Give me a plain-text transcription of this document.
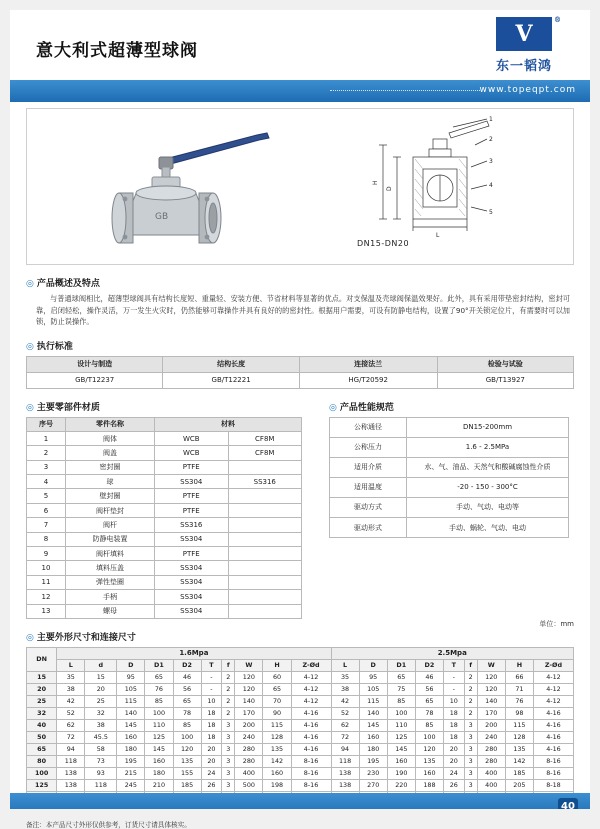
意大利式超薄型球阀
V
®
东一韬鸿
www.topeqpt.com
GB
1
2
3
4
5
L
D
H
DN15-DN20
◎ 产品概述及特点
与普通球阀相比，超薄型球阀具有结构长度短、重量轻、安装方便、节省材料等显著的优点。对支保温及壳球阀保温效果好。此外，具有采用带垫密封结构，密封可靠，启闭轻松，操作灵活，万一发生火灾时，仍然能够可靠操作并具有良好的的密封性。根据用户需要，可设有防静电结构，设置了90°开关锁定位片，有需要时可以加锁，防止误操作。
◎ 执行标准
设计与制造	结构长度	连接法兰	检验与试验
GB/T12237	GB/T12221	HG/T20592	GB/T13927
◎ 主要零部件材质
序号	零件名称	材料	
1	阀体	WCB	CF8M
2	阀盖	WCB	CF8M
3	密封圈	PTFE	
4	球	SS304	SS316
5	壁封圈	PTFE	
6	阀杆垫封	PTFE	
7	阀杆	SS316	
8	防静电装置	SS304	
9	阀杆填料	PTFE	
10	填料压盖	SS304	
11	弹性垫圈	SS304	
12	手柄	SS304	
13	螺母	SS304	
◎ 产品性能规范
公称通径	DN15-200mm
公称压力	1.6 - 2.5MPa
适用介质	水、气、油品、天然气和酸碱腐蚀性介质
适用温度	-20 - 150 - 300°C
驱动方式	手动、气动、电动等
驱动形式	手动、蜗轮、气动、电动
◎ 主要外形尺寸和连接尺寸
单位：mm
DN	1.6Mpa										2.5Mpa								
	L	d	D	D1	D2	T	f	W	H	Z-Ød	L	D	D1	D2	T	f	W	H	Z-Ød
15	35	15	95	65	46	-	2	120	60	4-12	35	95	65	46	-	2	120	66	4-12
20	38	20	105	76	56	-	2	120	65	4-12	38	105	75	56	-	2	120	71	4-12
25	42	25	115	85	65	10	2	140	70	4-12	42	115	85	65	10	2	140	76	4-12
32	52	32	140	100	78	18	2	170	90	4-16	52	140	100	78	18	2	170	98	4-16
40	62	38	145	110	85	18	3	200	115	4-16	62	145	110	85	18	3	200	115	4-16
50	72	45.5	160	125	100	18	3	240	128	4-16	72	160	125	100	18	3	240	128	4-16
65	94	58	180	145	120	20	3	280	135	4-16	94	180	145	120	20	3	280	135	4-16
80	118	73	195	160	135	20	3	280	142	8-16	118	195	160	135	20	3	280	142	8-16
100	138	93	215	180	155	24	3	400	160	8-16	138	230	190	160	24	3	400	185	8-16
125	138	118	245	210	185	26	3	500	198	8-16	138	270	220	188	26	3	400	205	8-18

备注：本产品尺寸外形仅供参考，订货尺寸请具体核实。
40
